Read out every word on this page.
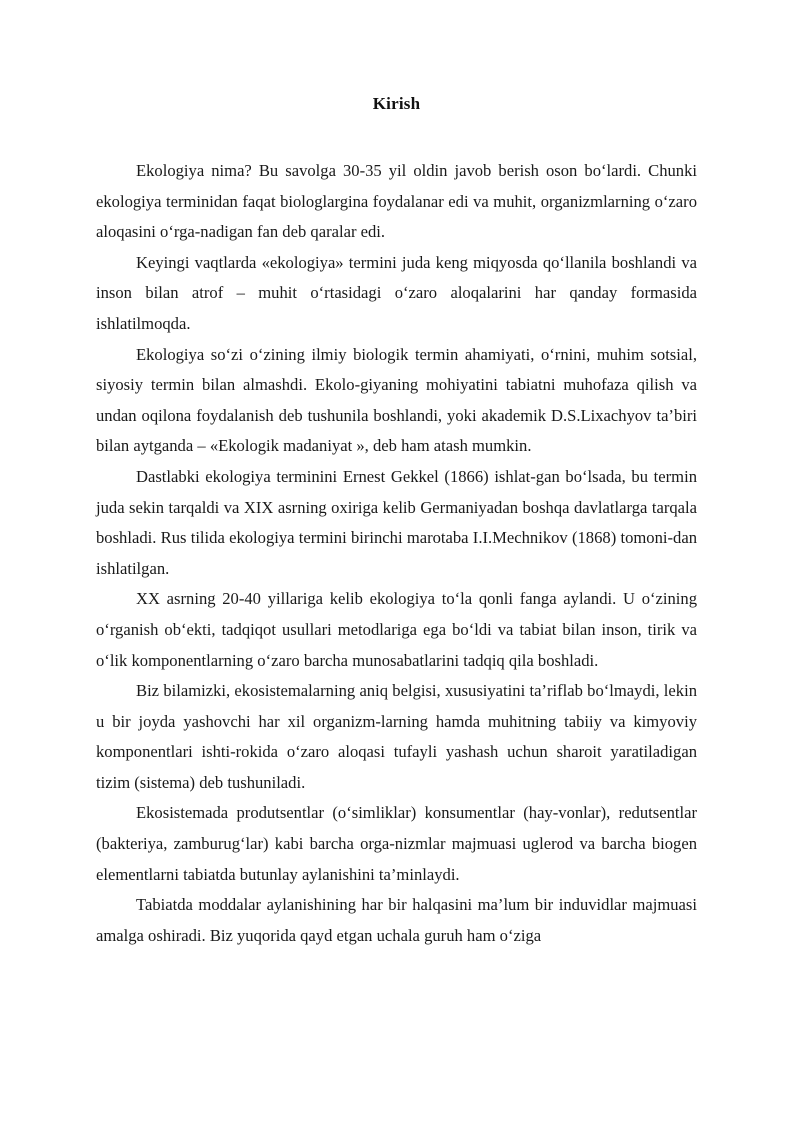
Kirish

Ekologiya nima? Bu savolga 30-35 yil oldin javob berish oson bo‘lardi. Chunki ekologiya terminidan faqat biologlargina foydalanar edi va muhit, organizmlarning o‘zaro aloqasini o‘rga-nadigan fan deb qaralar edi.

Keyingi vaqtlarda «ekologiya» termini juda keng miqyosda qo‘llanila boshlandi va inson bilan atrof – muhit o‘rtasidagi o‘zaro aloqalarini har qanday formasida ishlatilmoqda.

Ekologiya so‘zi o‘zining ilmiy biologik termin ahamiyati, o‘rnini, muhim sotsial, siyosiy termin bilan almashdi. Ekolo-giyaning mohiyatini tabiatni muhofaza qilish va undan oqilona foydalanish deb tushunila boshlandi, yoki akademik D.S.Lixachyov ta’biri bilan aytganda – «Ekologik madaniyat », deb ham atash mumkin.

Dastlabki ekologiya terminini Ernest Gekkel (1866) ishlat-gan bo‘lsada, bu termin juda sekin tarqaldi va XIX asrning oxiriga kelib Germaniyadan boshqa davlatlarga tarqala boshladi. Rus tilida ekologiya termini birinchi marotaba I.I.Mechnikov (1868) tomoni-dan ishlatilgan.

XX asrning 20-40 yillariga kelib ekologiya to‘la qonli fanga aylandi. U o‘zining o‘rganish ob‘ekti, tadqiqot usullari metodlariga ega bo‘ldi va tabiat bilan inson, tirik va o‘lik komponentlarning o‘zaro barcha munosabatlarini tadqiq qila boshladi.

Biz bilamizki, ekosistemalarning aniq belgisi, xususiyatini ta’riflab bo‘lmaydi, lekin u bir joyda yashovchi har xil organizm-larning hamda muhitning tabiiy va kimyoviy komponentlari ishti-rokida o‘zaro aloqasi tufayli yashash uchun sharoit yaratiladigan tizim (sistema) deb tushuniladi.

Ekosistemada produtsentlar (o‘simliklar) konsumentlar (hay-vonlar), redutsentlar (bakteriya, zamburug‘lar) kabi barcha orga-nizmlar majmuasi uglerod va barcha biogen elementlarni tabiatda butunlay aylanishini ta’minlaydi.

Tabiatda moddalar aylanishining har bir halqasini ma’lum bir induvidlar majmuasi amalga oshiradi. Biz yuqorida qayd etgan uchala guruh ham o‘ziga
